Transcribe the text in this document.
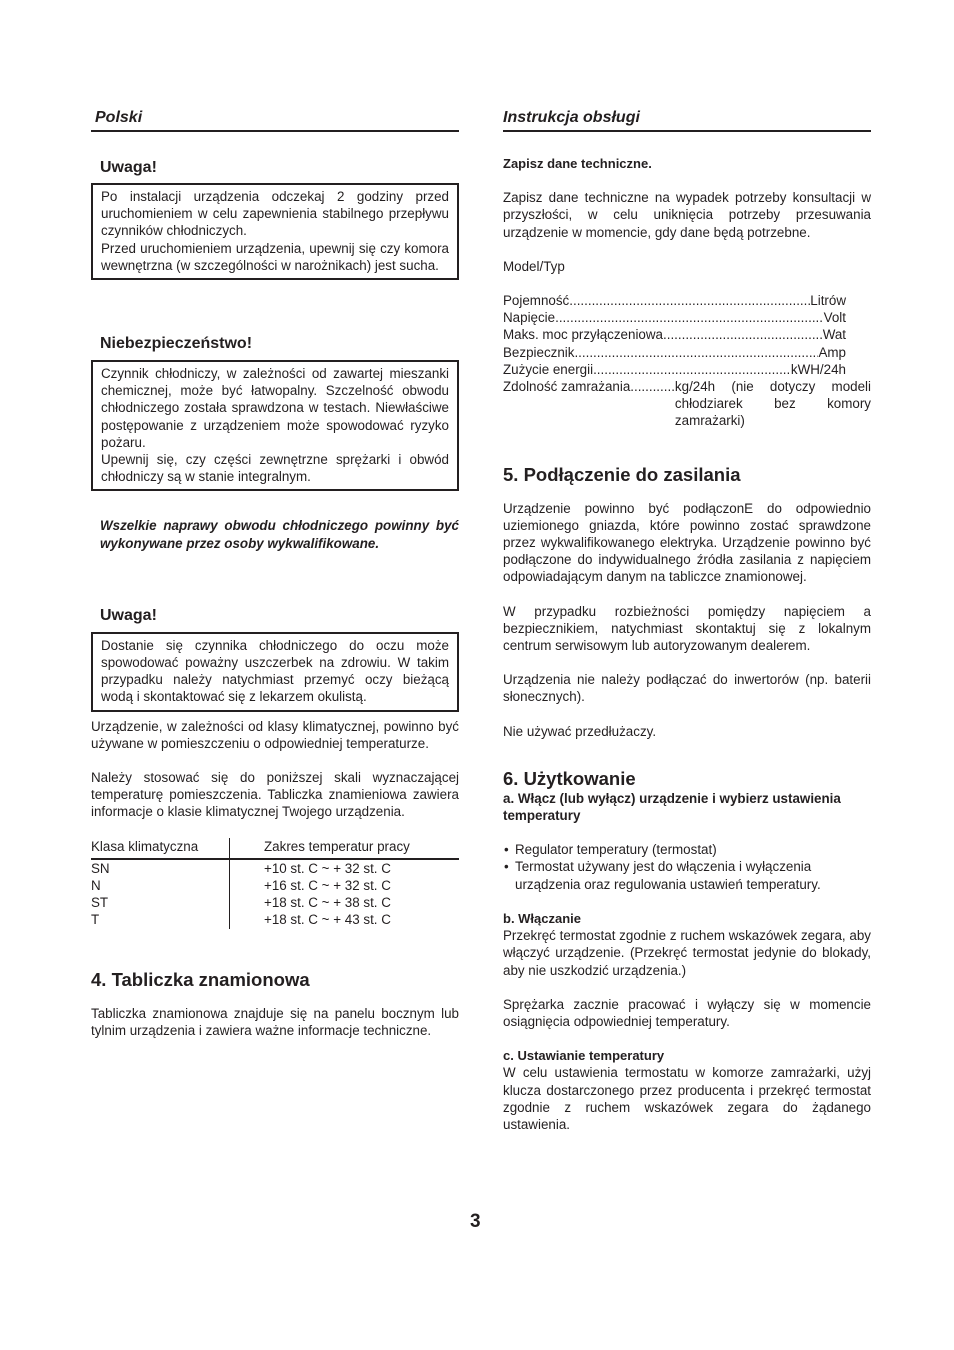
Polski
Uwaga!

Po instalacji urządzenia odczekaj 2 godziny przed uruchomieniem w celu zapewnienia stabilnego przepływu czynników chłodniczych.

Przed uruchomieniem urządzenia, upewnij się czy komora wewnętrzna (w szczególności w narożnikach) jest sucha.

Niebezpieczeństwo!

Czynnik chłodniczy, w zależności od zawartej mieszanki chemicznej, może być łatwopalny. Szczelność obwodu chłodniczego została sprawdzona w testach. Niewłaściwe postępowanie z urządzeniem może spowodować ryzyko pożaru.

Upewnij się, czy części zewnętrzne sprężarki i obwód chłodniczy są w stanie integralnym.

Wszelkie naprawy obwodu chłodniczego powinny być wykonywane przez osoby wykwalifikowane.

Uwaga!

Dostanie się czynnika chłodniczego do oczu może spowodować poważny uszczerbek na zdrowiu. W takim przypadku należy natychmiast przemyć oczy bieżącą wodą i skontaktować się z lekarzem okulistą.

Urządzenie, w zależności od klasy klimatycznej, powinno być używane w pomieszczeniu o odpowiedniej temperaturze.

Należy stosować się do poniższej skali wyznaczającej temperaturę pomieszczenia. Tabliczka znamieniowa zawiera informacje o klasie klimatycznej Twojego urządzenia.

Klasa klimatyczna	Zakres temperatur pracy
SN	+10 st. C ~ + 32 st. C
N	+16 st. C ~ + 32 st. C
ST	+18 st. C ~ + 38 st. C
T	+18 st. C ~ + 43 st. C
4. Tabliczka znamionowa

Tabliczka znamionowa znajduje się na panelu bocznym lub tylnim urządzenia i zawiera ważne informacje techniczne.

Instrukcja obsługi
Zapisz dane techniczne.

Zapisz dane techniczne na wypadek potrzeby konsultacji w przyszłości, w celu uniknięcia potrzeby przesuwania urządzenie w momencie, gdy dane będą potrzebne.

Model/Typ

Pojemność .....	Litrów
Napięcie .....	Volt
Maks. moc przyłączeniowa .....	Wat
Bezpiecznik .....	Amp
Zużycie energii .....	kWH/24h
Zdolność zamrażania............ kg/24h (nie dotyczy modeli chłodziarek bez komory zamrażarki)
5. Podłączenie do zasilania

Urządzenie powinno być podłączonE do odpowiednio uziemionego gniazda, które powinno zostać sprawdzone przez wykwalifikowanego elektryka. Urządzenie powinno być podłączone do indywidualnego źródła zasilania z napięciem odpowiadającym danym na tabliczce znamionowej.

W przypadku rozbieżności pomiędzy napięciem a bezpiecznikiem, natychmiast skontaktuj się z lokalnym centrum serwisowym lub autoryzowanym dealerem.

Urządzenia nie należy podłączać do inwertorów (np. baterii słonecznych).

Nie używać przedłużaczy.

6. Użytkowanie
a. Włącz (lub wyłącz) urządzenie i wybierz ustawienia temperatury
• Regulator temperatury (termostat)
• Termostat używany jest do włączenia i wyłączenia urządzenia oraz regulowania ustawień temperatury.
b. Włączanie

Przekręć termostat zgodnie z ruchem wskazówek zegara, aby włączyć urządzenie. (Przekręć termostat jedynie do blokady, aby nie uszkodzić urządzenia.)

Sprężarka zacznie pracować i wyłączy się w momencie osiągnięcia odpowiedniej temperatury.

c. Ustawianie temperatury

W celu ustawienia termostatu w komorze zamrażarki, użyj klucza dostarczonego przez producenta i przekręć termostat zgodnie z ruchem wskazówek zegara do żądanego ustawienia.

3
